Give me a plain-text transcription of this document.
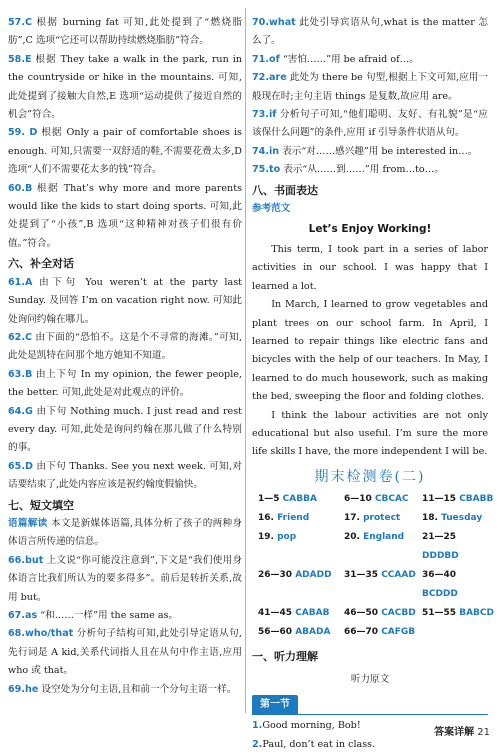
57.C 根据 burning fat 可知,此处提到了“燃烧脂肪”,C 选项“它还可以帮助持续燃烧脂肪”符合。
58.E 根据 They take a walk in the park, run in the countryside or hike in the mountains. 可知,此处提到了接触大自然,E 选项“运动提供了接近自然的机会”符合。
59. D 根据 Only a pair of comfortable shoes is enough. 可知,只需要一双舒适的鞋,不需要花费太多,D 选项“人们不需要花太多的钱”符合。
60.B 根据 That’s why more and more parents would like the kids to start doing sports. 可知,此处提到了“小孩”,B 选项“这种精神对孩子们很有价值。”符合。
六、补全对话
61.A 由下句 You weren’t at the party last Sunday. 及回答 I’m on vacation right now. 可知此处询问约翰在哪儿。
62.C 由下面的“恐怕不。这是个不寻常的海滩。”可知,此处是凯特在问那个地方她知不知道。
63.B 由上下句 In my opinion, the fewer people, the better. 可知,此处是对此观点的评价。
64.G 由下句 Nothing much. I just read and rest every day. 可知,此处是询问约翰在那儿做了什么特别的事。
65.D 由下句 Thanks. See you next week. 可知,对话要结束了,此处内容应该是祝约翰度假愉快。
七、短文填空
语篇解读 本文是新媒体语篇,具体分析了孩子的两种身体语言所传递的信息。
66.but 上文说“你可能没注意到”,下文是“我们使用身体语言比我们所认为的要多得多”。前后是转折关系,故用 but。
67.as “和……一样”用 the same as。
68.who/that 分析句子结构可知,此处引导定语从句,先行词是 A kid,关系代词指人且在从句中作主语,应用 who 或 that。
69.he 设空处为分句主语,且和前一个分句主语一样。
70.what 此处引导宾语从句,what is the matter 怎么了。
71.of “害怕……”用 be afraid of…。
72.are 此处为 there be 句型,根据上下文可知,应用一般现在时;主句主语 things 是复数,故应用 are。
73.if 分析句子可知,“他们聪明、友好、有礼貌”是“应该保什么问题”的条件,应用 if 引导条件状语从句。
74.in 表示“对……感兴趣”用 be interested in…。
75.to 表示“从……到……”用 from…to…。
八、书面表达
参考范文
Let’s Enjoy Working!
This term, I took part in a series of labor activities in our school. I was happy that I learned a lot.
In March, I learned to grow vegetables and plant trees on our school farm. In April, I learned to repair things like electric fans and bicycles with the help of our teachers. In May, I learned to do much housework, such as making the bed, sweeping the floor and folding clothes.
I think the labour activities are not only educational but also useful. I’m sure the more life skills I have, the more independent I will be.
期末检测卷(二)
1—5 CABBA	6—10 CBCAC	11—15 CBABB
16. Friend	17. protect	18. Tuesday
19. pop	20. England	21—25 DDDBD
26—30 ADADD	31—35 CCAAD 36—40 BCDDD
41—45 CABAB	46—50 CACBD 51—55 BABCD
56—60 ABADA	66—70 CAFGB
一、听力理解
听力原文
第一节
1.Good morning, Bob!
2.Paul, don’t eat in class.
答案详解 21
